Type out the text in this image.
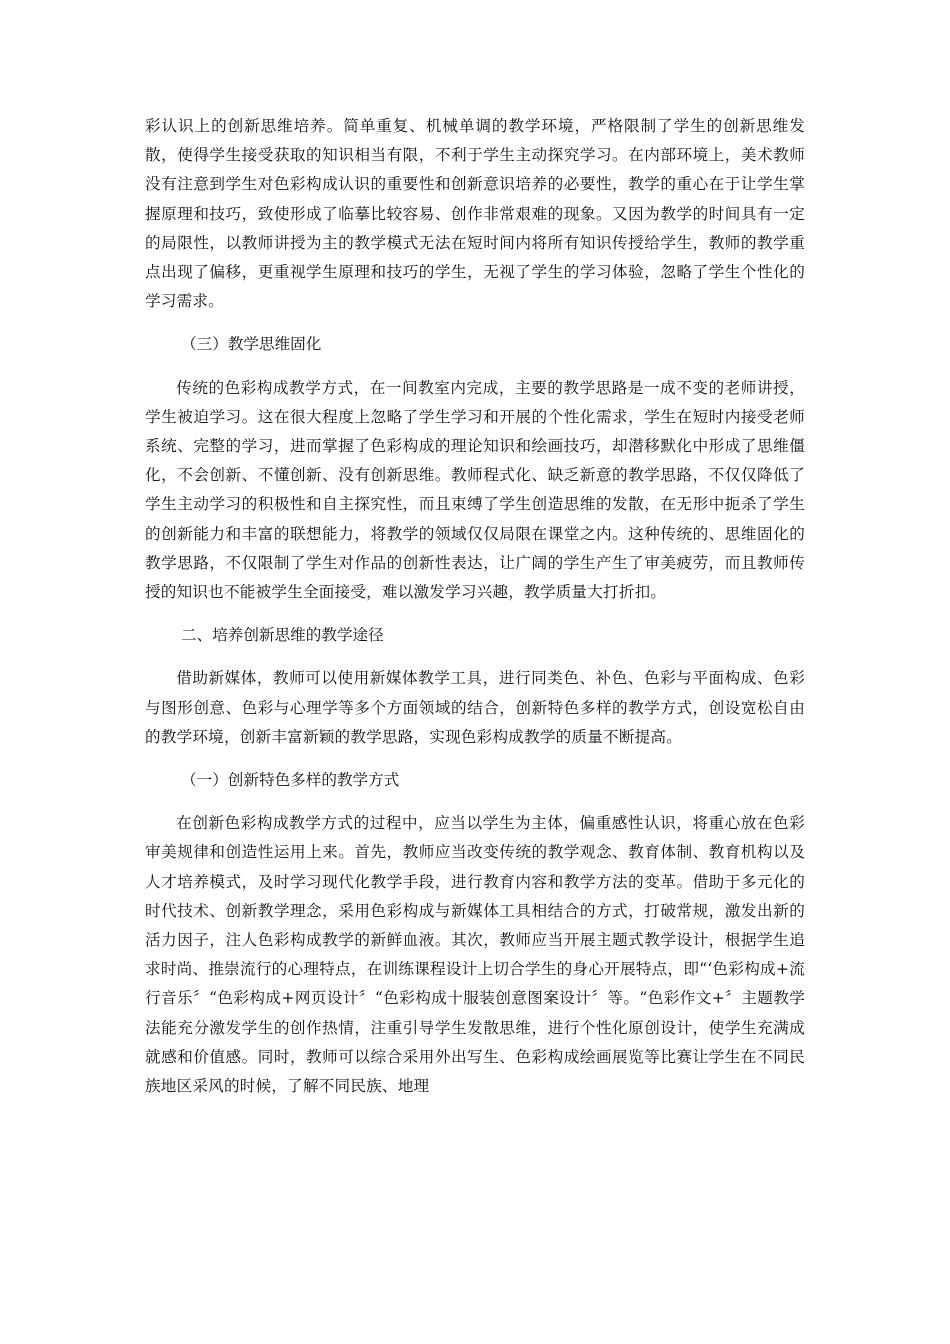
彩认识上的创新思维培养。简单重复、机械单调的教学环境，严格限制了学生的创新思维发散，使得学生接受获取的知识相当有限，不利于学生主动探究学习。在内部环境上，美术教师没有注意到学生对色彩构成认识的重要性和创新意识培养的必要性，教学的重心在于让学生掌握原理和技巧，致使形成了临摹比较容易、创作非常艰难的现象。又因为教学的时间具有一定的局限性，以教师讲授为主的教学模式无法在短时间内将所有知识传授给学生，教师的教学重点出现了偏移，更重视学生原理和技巧的学生，无视了学生的学习体验，忽略了学生个性化的学习需求。

（三）教学思维固化

传统的色彩构成教学方式，在一间教室内完成，主要的教学思路是一成不变的老师讲授，学生被迫学习。这在很大程度上忽略了学生学习和开展的个性化需求，学生在短时内接受老师系统、完整的学习，进而掌握了色彩构成的理论知识和绘画技巧，却潜移默化中形成了思维僵化，不会创新、不懂创新、没有创新思维。教师程式化、缺乏新意的教学思路，不仅仅降低了学生主动学习的积极性和自主探究性，而且束缚了学生创造思维的发散，在无形中扼杀了学生的创新能力和丰富的联想能力，将教学的领域仅仅局限在课堂之内。这种传统的、思维固化的教学思路，不仅限制了学生对作品的创新性表达，让广阔的学生产生了审美疲劳，而且教师传授的知识也不能被学生全面接受，难以激发学习兴趣，教学质量大打折扣。

二、培养创新思维的教学途径

借助新媒体，教师可以使用新媒体教学工具，进行同类色、补色、色彩与平面构成、色彩与图形创意、色彩与心理学等多个方面领域的结合，创新特色多样的教学方式，创设宽松自由的教学环境，创新丰富新颖的教学思路，实现色彩构成教学的质量不断提高。

（一）创新特色多样的教学方式

在创新色彩构成教学方式的过程中，应当以学生为主体，偏重感性认识，将重心放在色彩审美规律和创造性运用上来。首先，教师应当改变传统的教学观念、教育体制、教育机构以及人才培养模式，及时学习现代化教学手段，进行教育内容和教学方法的变革。借助于多元化的时代技术、创新教学理念，采用色彩构成与新媒体工具相结合的方式，打破常规，激发出新的活力因子，注人色彩构成教学的新鲜血液。其次，教师应当开展主题式教学设计，根据学生追求时尚、推崇流行的心理特点，在训练课程设计上切合学生的身心开展特点，即“‘色彩构成+流行音乐〞“色彩构成+网页设计〞“色彩构成十服装创意图案设计〞等。“色彩作文+〞主题教学法能充分激发学生的创作热情，注重引导学生发散思维，进行个性化原创设计，使学生充满成就感和价值感。同时，教师可以综合采用外出写生、色彩构成绘画展览等比赛让学生在不同民族地区采风的时候，了解不同民族、地理
